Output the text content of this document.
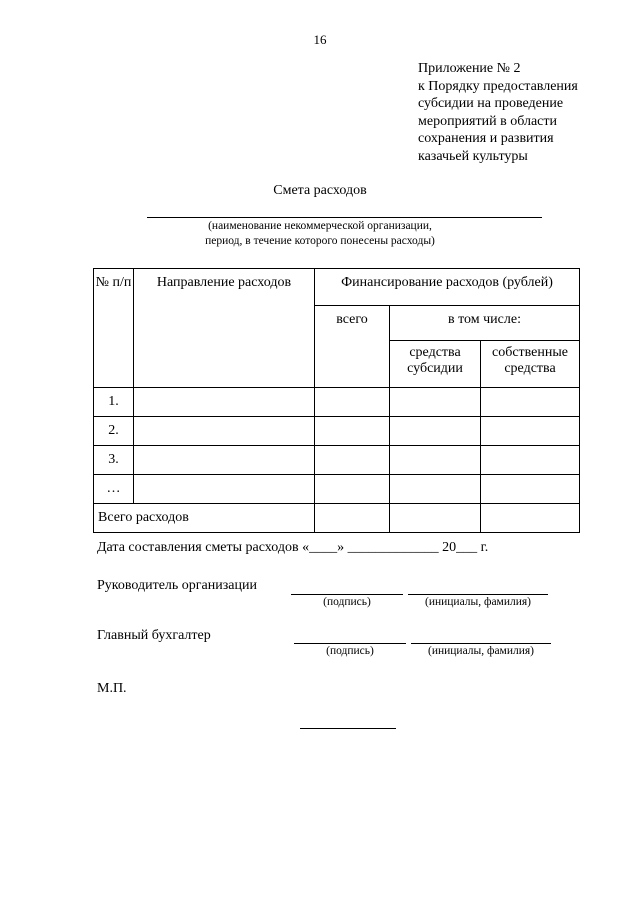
16
Приложение № 2
к Порядку предоставления
субсидии на проведение
мероприятий в области
сохранения и развития
казачьей культуры
Смета расходов
(наименование некоммерческой организации,
период, в течение которого понесены расходы)
№ п/п	Направление расходов	Финансирование расходов (рублей)		
		всего	в том числе:	
			средства субсидии	собственные средства
1.				
2.				
3.				
…				
Всего расходов				
Дата составления сметы расходов «____» _____________ 20___ г.
Руководитель организации
(подпись)	(инициалы, фамилия)
Главный бухгалтер
(подпись)	(инициалы, фамилия)
М.П.
